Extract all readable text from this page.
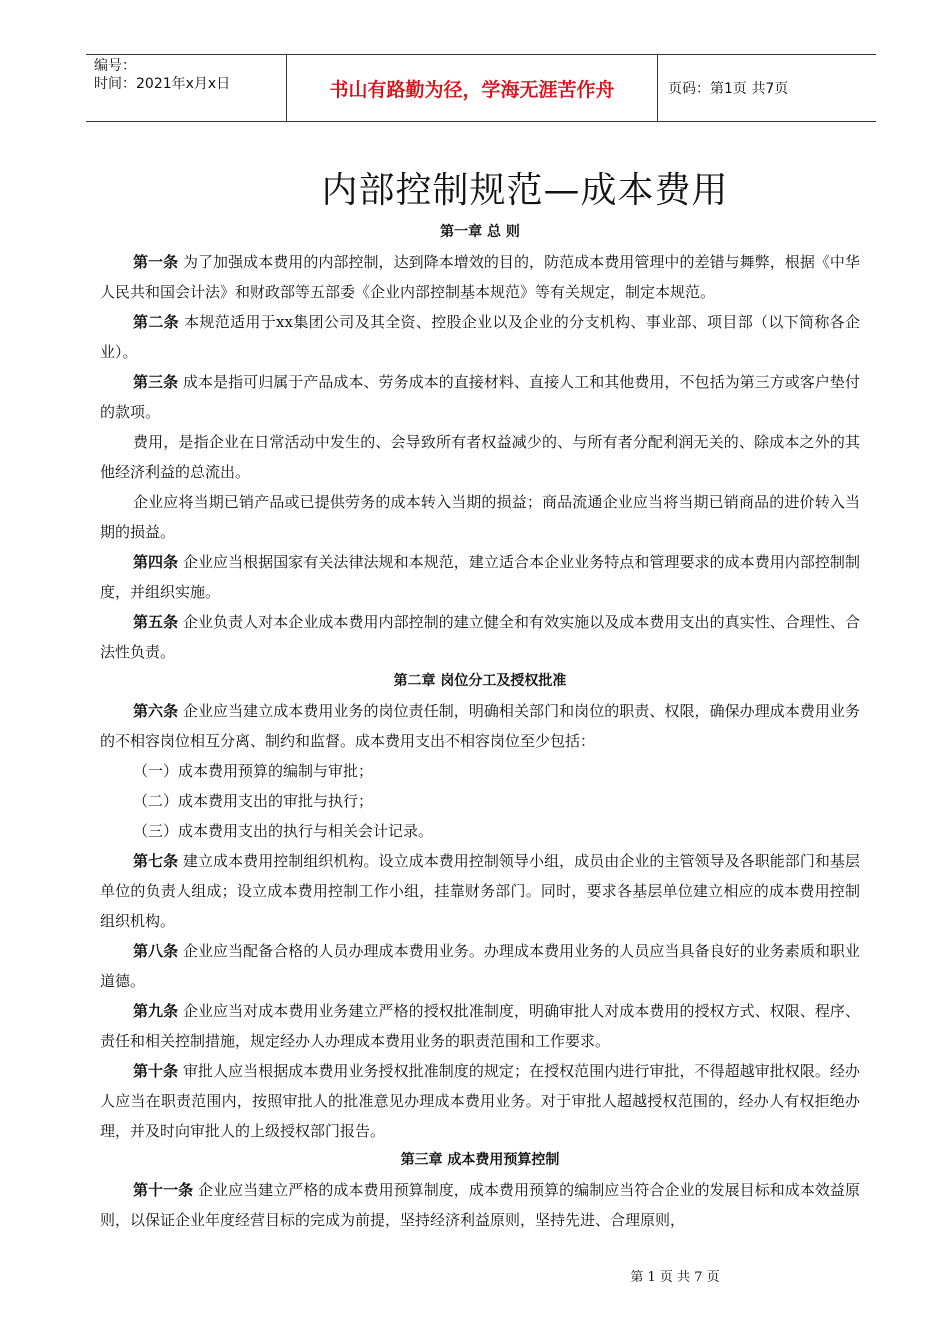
编号：
时间：2021年x月x日	书山有路勤为径，学海无涯苦作舟	页码：第1页 共7页
内部控制规范—成本费用
第一章 总 则

第一条 为了加强成本费用的内部控制，达到降本增效的目的，防范成本费用管理中的差错与舞弊，根据《中华人民共和国会计法》和财政部等五部委《企业内部控制基本规范》等有关规定，制定本规范。

第二条 本规范适用于xx集团公司及其全资、控股企业以及企业的分支机构、事业部、项目部（以下简称各企业）。

第三条 成本是指可归属于产品成本、劳务成本的直接材料、直接人工和其他费用，不包括为第三方或客户垫付的款项。

费用，是指企业在日常活动中发生的、会导致所有者权益减少的、与所有者分配利润无关的、除成本之外的其他经济利益的总流出。

企业应将当期已销产品或已提供劳务的成本转入当期的损益；商品流通企业应当将当期已销商品的进价转入当期的损益。

第四条 企业应当根据国家有关法律法规和本规范，建立适合本企业业务特点和管理要求的成本费用内部控制制度，并组织实施。

第五条 企业负责人对本企业成本费用内部控制的建立健全和有效实施以及成本费用支出的真实性、合理性、合法性负责。

第二章 岗位分工及授权批准

第六条 企业应当建立成本费用业务的岗位责任制，明确相关部门和岗位的职责、权限，确保办理成本费用业务的不相容岗位相互分离、制约和监督。成本费用支出不相容岗位至少包括：

（一）成本费用预算的编制与审批；

（二）成本费用支出的审批与执行；

（三）成本费用支出的执行与相关会计记录。

第七条 建立成本费用控制组织机构。设立成本费用控制领导小组，成员由企业的主管领导及各职能部门和基层单位的负责人组成；设立成本费用控制工作小组，挂靠财务部门。同时，要求各基层单位建立相应的成本费用控制组织机构。

第八条 企业应当配备合格的人员办理成本费用业务。办理成本费用业务的人员应当具备良好的业务素质和职业道德。

第九条 企业应当对成本费用业务建立严格的授权批准制度，明确审批人对成本费用的授权方式、权限、程序、责任和相关控制措施，规定经办人办理成本费用业务的职责范围和工作要求。

第十条 审批人应当根据成本费用业务授权批准制度的规定；在授权范围内进行审批，不得超越审批权限。经办人应当在职责范围内，按照审批人的批准意见办理成本费用业务。对于审批人超越授权范围的，经办人有权拒绝办理，并及时向审批人的上级授权部门报告。

第三章 成本费用预算控制

第十一条 企业应当建立严格的成本费用预算制度，成本费用预算的编制应当符合企业的发展目标和成本效益原则，以保证企业年度经营目标的完成为前提，坚持经济利益原则，坚持先进、合理原则，

第 1 页 共 7 页
